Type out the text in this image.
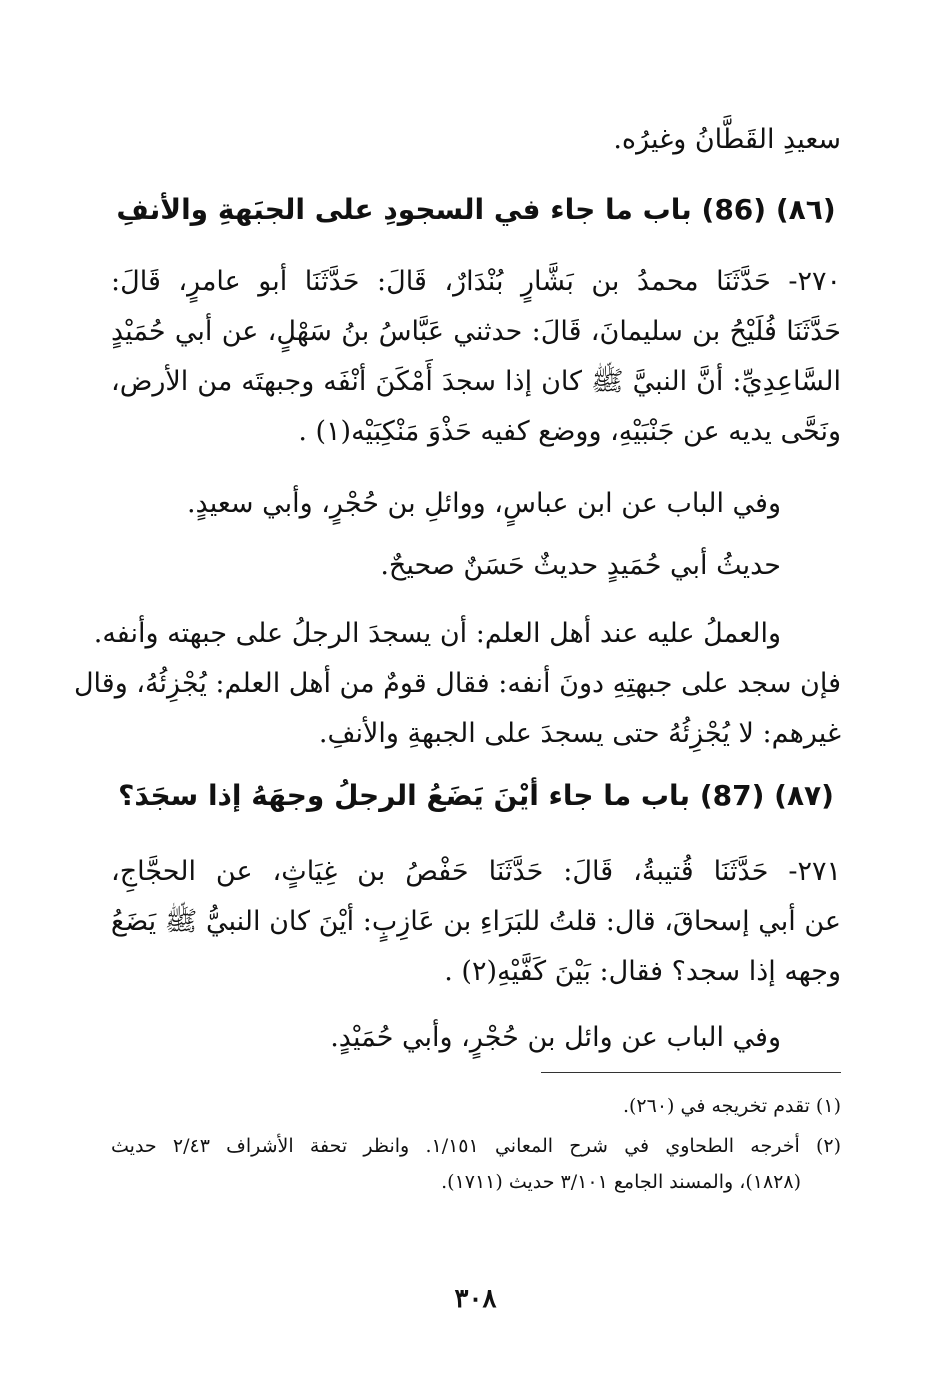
سعيدِ القَطَّانُ وغيرُه.
(٨٦) (86) باب ما جاء في السجودِ على الجبَهةِ والأنفِ
٢٧٠- حَدَّثَنَا محمدُ بن بَشَّارٍ بُنْدَارٌ، قَالَ: حَدَّثَنَا أبو عامرٍ، قَالَ:
حَدَّثَنَا فُلَيْحُ بن سليمانَ، قَالَ: حدثني عَبَّاسُ بنُ سَهْلٍ، عن أبي حُمَيْدٍ
السَّاعِدِيِّ: أنَّ النبيَّ ﷺ كان إذا سجدَ أَمْكَنَ أنْفَه وجبهتَه من الأرض،
ونَحَّى يديه عن جَنْبَيْهِ، ووضع كفيه حَذْوَ مَنْكِبَيْه(١) .
وفي الباب عن ابن عباسٍ، ووائلِ بن حُجْرٍ، وأبي سعيدٍ.
حديثُ أبي حُمَيدٍ حديثٌ حَسَنٌ صحيحٌ.
والعملُ عليه عند أهل العلم: أن يسجدَ الرجلُ على جبهته وأنفه.
فإن سجد على جبهتِهِ دونَ أنفه: فقال قومٌ من أهل العلم: يُجْزِئُهُ، وقال
غيرهم: لا يُجْزِئُهُ حتى يسجدَ على الجبهةِ والأنفِ.
(٨٧) (87) باب ما جاء أيْنَ يَضَعُ الرجلُ وجهَهُ إذا سجَدَ؟
٢٧١- حَدَّثَنَا قُتيبةُ، قَالَ: حَدَّثَنَا حَفْصُ بن غِيَاثٍ، عن الحجَّاجِ،
عن أبي إسحاقَ، قال: قلتُ للبَرَاءِ بن عَازِبٍ: أيْنَ كان النبيُّ ﷺ يَضَعُ
وجهه إذا سجد؟ فقال: بَيْنَ كَفَّيْهِ(٢) .
وفي الباب عن وائل بن حُجْرٍ، وأبي حُمَيْدٍ.
(١) تقدم تخريجه في (٢٦٠).
(٢) أخرجه الطحاوي في شرح المعاني ١/١٥١. وانظر تحفة الأشراف ٢/٤٣ حديث
(١٨٢٨)، والمسند الجامع ٣/١٠١ حديث (١٧١١).
٣٠٨
